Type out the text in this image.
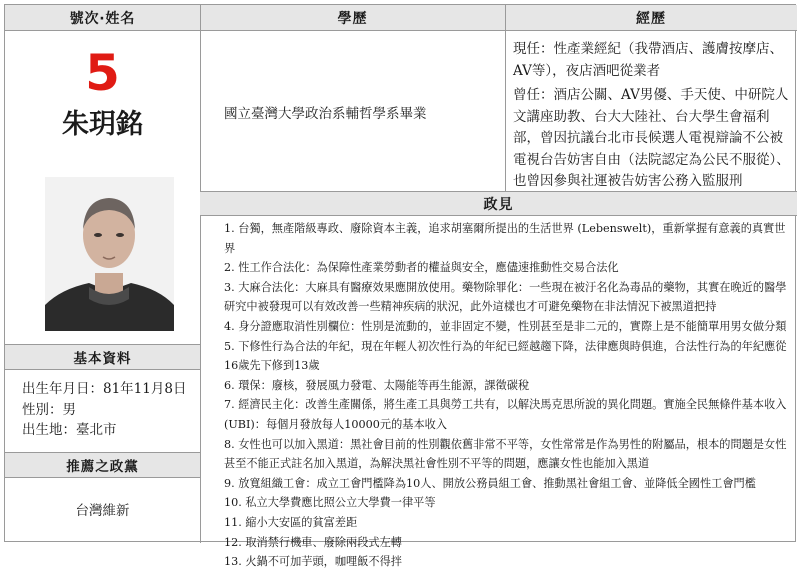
號次‧姓名	學歷	經歷
5
朱玥銘
基本資料
出生年月日：81年11月8日
性別：男
出生地：臺北市
推薦之政黨
台灣維新
國立臺灣大學政治系輔哲學系畢業

現任：性產業經紀（我帶酒店、護膚按摩店、AV等），夜店酒吧從業者

曾任：酒店公關、AV男優、手天使、中研院人文講座助教、台大大陸社、台大學生會福利部，曾因抗議台北市長候選人電視辯論不公被電視台告妨害自由（法院認定為公民不服從）、也曾因參與社運被告妨害公務入監服刑

政見
1. 台獨，無產階級專政、廢除資本主義，追求胡塞爾所提出的生活世界 (Lebenswelt)，重新掌握有意義的真實世界
2. 性工作合法化：為保障性產業勞動者的權益與安全，應儘速推動性交易合法化
3. 大麻合法化：大麻具有醫療效果應開放使用。藥物除罪化：一些現在被汙名化為毒品的藥物，其實在晚近的醫學研究中被發現可以有效改善一些精神疾病的狀況，此外這樣也才可避免藥物在非法情況下被黑道把持
4. 身分證應取消性別欄位：性別是流動的，並非固定不變，性別甚至是非二元的，實際上是不能簡單用男女做分類
5. 下修性行為合法的年紀，現在年輕人初次性行為的年紀已經越趨下降，法律應與時俱進，合法性行為的年紀應從16歲先下修到13歲
6. 環保：廢核，發展風力發電、太陽能等再生能源，課徵碳稅
7. 經濟民主化：改善生產關係，將生產工具與勞工共有，以解決馬克思所說的異化問題。實施全民無條件基本收入(UBI)：每個月發放每人10000元的基本收入
8. 女性也可以加入黑道：黑社會目前的性別觀依舊非常不平等，女性常常是作為男性的附屬品，根本的問題是女性甚至不能正式註名加入黑道，為解決黑社會性別不平等的問題，應讓女性也能加入黑道
9. 放寬組織工會：成立工會門檻降為10人、開放公務員組工會、推動黑社會組工會、並降低全國性工會門檻
10. 私立大學費應比照公立大學費一律平等
11. 縮小大安區的貧富差距
12. 取消禁行機車、廢除兩段式左轉
13. 火鍋不可加芋頭，咖哩飯不得拌
